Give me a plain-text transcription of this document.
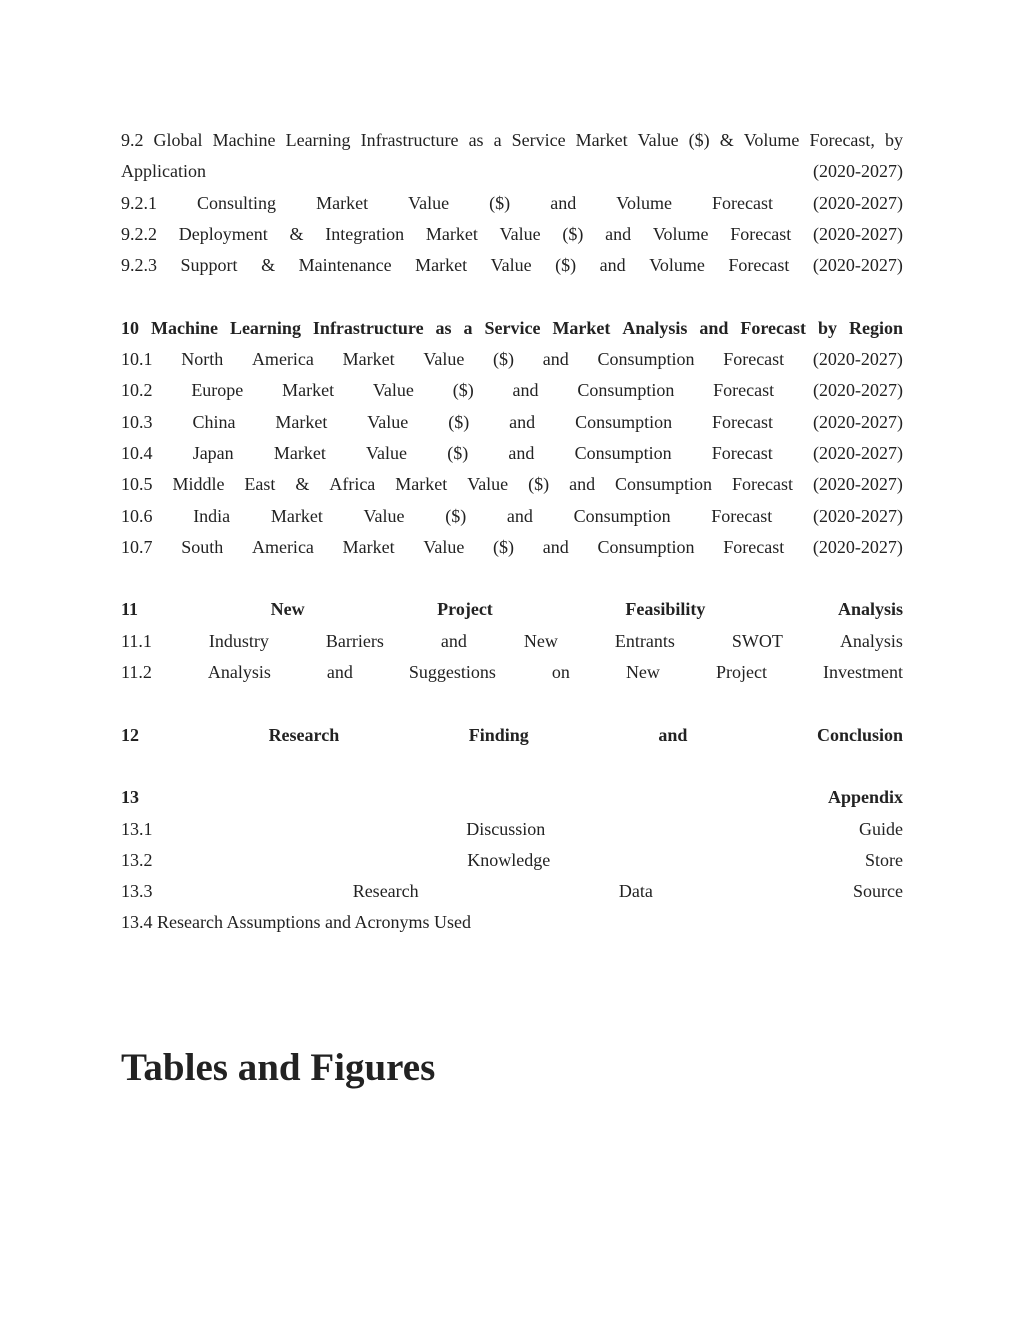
9.2 Global Machine Learning Infrastructure as a Service Market Value ($) & Volume Forecast, by
Application	(2020-2027)
9.2.1 Consulting Market Value ($) and Volume Forecast (2020-2027)
9.2.2 Deployment & Integration Market Value ($) and Volume Forecast (2020-2027)
9.2.3 Support & Maintenance Market Value ($) and Volume Forecast (2020-2027)
10 Machine Learning Infrastructure as a Service Market Analysis and Forecast by Region
10.1 North America Market Value ($) and Consumption Forecast (2020-2027)
10.2 Europe Market Value ($) and Consumption Forecast (2020-2027)
10.3 China Market Value ($) and Consumption Forecast (2020-2027)
10.4 Japan Market Value ($) and Consumption Forecast (2020-2027)
10.5 Middle East & Africa Market Value ($) and Consumption Forecast (2020-2027)
10.6 India Market Value ($) and Consumption Forecast (2020-2027)
10.7 South America Market Value ($) and Consumption Forecast (2020-2027)
11	New	Project	Feasibility	Analysis
11.1	Industry	Barriers	and	New	Entrants	SWOT	Analysis
11.2	Analysis	and	Suggestions	on	New	Project	Investment
12	Research	Finding	and	Conclusion
13	Appendix
13.1	Discussion	Guide
13.2	Knowledge	Store
13.3	Research	Data	Source
13.4 Research Assumptions and Acronyms Used
Tables and Figures
